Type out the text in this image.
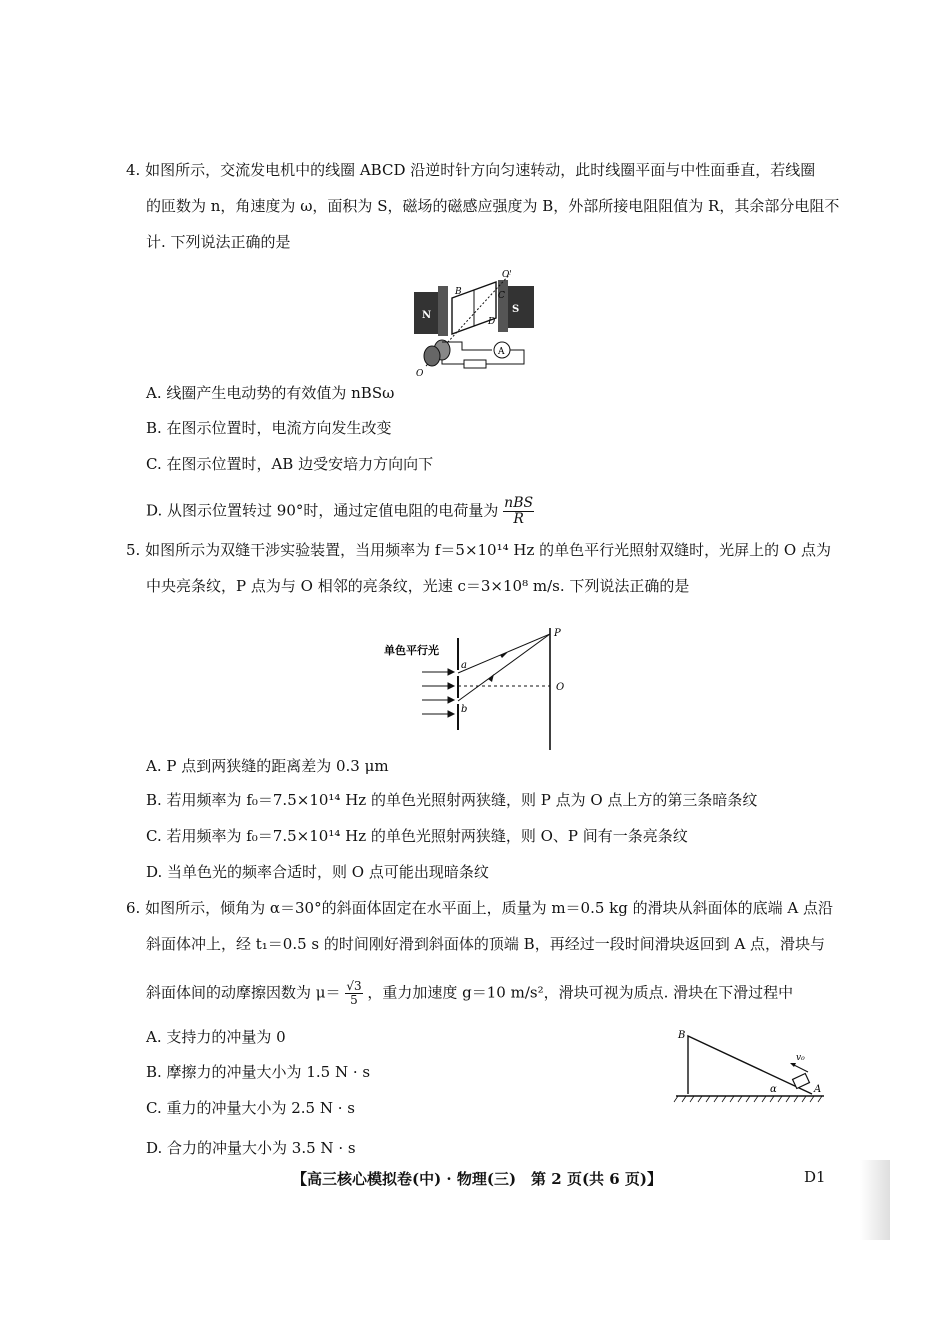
4. 如图所示，交流发电机中的线圈 ABCD 沿逆时针方向匀速转动，此时线圈平面与中性面垂直，若线圈
的匝数为 n，角速度为 ω，面积为 S，磁场的磁感应强度为 B，外部所接电阻阻值为 R，其余部分电阻不
计. 下列说法正确的是
N
S
B	C
D
O'
O
A
A. 线圈产生电动势的有效值为 nBSω
B. 在图示位置时，电流方向发生改变
C. 在图示位置时，AB 边受安培力方向向下
D. 从图示位置转过 90°时，通过定值电阻的电荷量为 nBS
R
5. 如图所示为双缝干涉实验装置，当用频率为 f＝5×10¹⁴ Hz 的单色平行光照射双缝时，光屏上的 O 点为
中央亮条纹，P 点为与 O 相邻的亮条纹，光速 c＝3×10⁸ m/s. 下列说法正确的是
单色平行光
a
b
P
O
A. P 点到两狭缝的距离差为 0.3 μm
B. 若用频率为 f₀＝7.5×10¹⁴ Hz 的单色光照射两狭缝，则 P 点为 O 点上方的第三条暗条纹
C. 若用频率为 f₀＝7.5×10¹⁴ Hz 的单色光照射两狭缝，则 O、P 间有一条亮条纹
D. 当单色光的频率合适时，则 O 点可能出现暗条纹
6. 如图所示，倾角为 α＝30°的斜面体固定在水平面上，质量为 m＝0.5 kg 的滑块从斜面体的底端 A 点沿
斜面体冲上，经 t₁＝0.5 s 的时间刚好滑到斜面体的顶端 B，再经过一段时间滑块返回到 A 点，滑块与
斜面体间的动摩擦因数为 $\mu= \frac{√3}{5}$ ，重力加速度 g＝10 m/s²，滑块可视为质点. 滑块在下滑过程中
A. 支持力的冲量为 0
B. 摩擦力的冲量大小为 1.5 N · s
C. 重力的冲量大小为 2.5 N · s
D. 合力的冲量大小为 3.5 N · s
B
A
α
v₀
【高三核心模拟卷(中) · 物理(三)　第 2 页(共 6 页)】	D1
